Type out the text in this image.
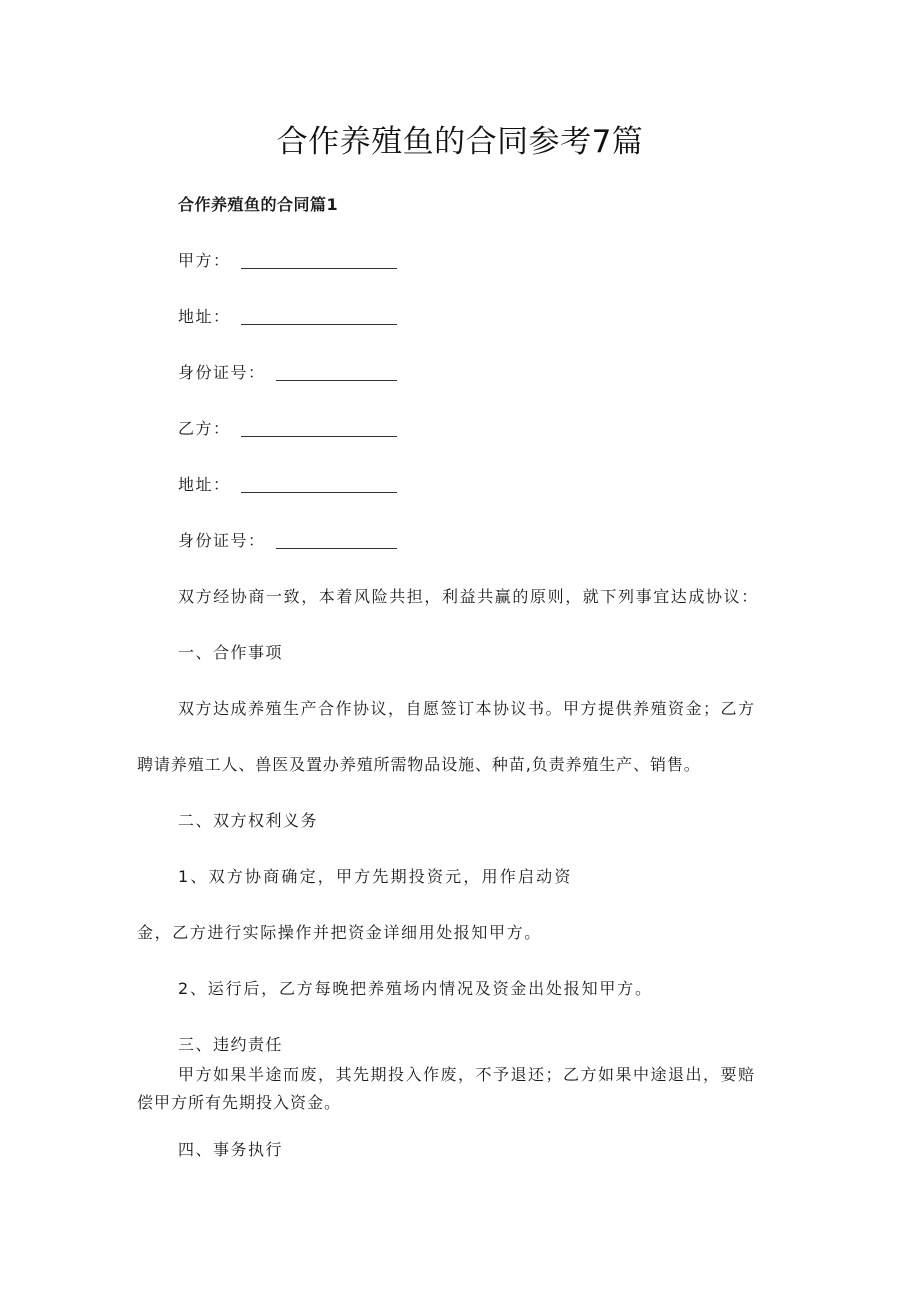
合作养殖鱼的合同参考7篇
合作养殖鱼的合同篇1
甲方：
地址：
身份证号：
乙方：
地址：
身份证号：
双方经协商一致，本着风险共担，利益共赢的原则，就下列事宜达成协议：
一、合作事项
双方达成养殖生产合作协议，自愿签订本协议书。甲方提供养殖资金；乙方
聘请养殖工人、兽医及置办养殖所需物品设施、种苗,负责养殖生产、销售。
二、双方权利义务
1、双方协商确定，甲方先期投资元，用作启动资
金，乙方进行实际操作并把资金详细用处报知甲方。
2、运行后，乙方每晚把养殖场内情况及资金出处报知甲方。
三、违约责任
甲方如果半途而废，其先期投入作废，不予退还；乙方如果中途退出，要赔
偿甲方所有先期投入资金。
四、事务执行
